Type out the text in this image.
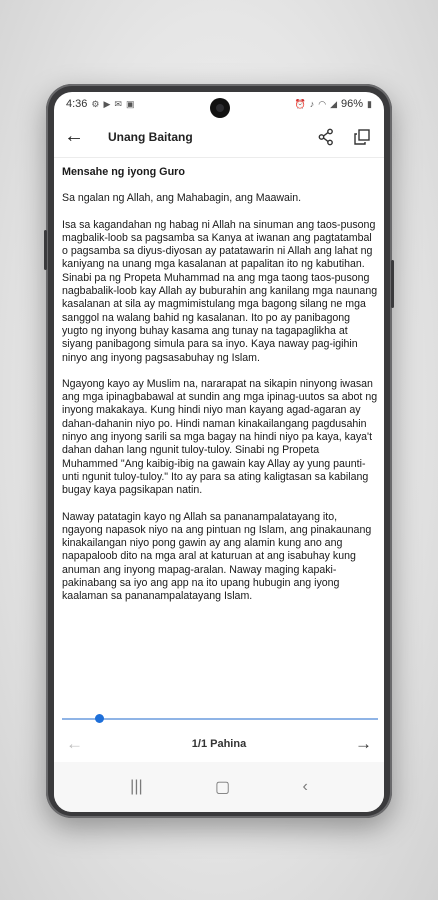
4:36 ⚙ ▶ ✉ ▣	⏰ ♪ ◠ ◢ 96% ▮
←	Unang Baitang
Mensahe ng iyong Guro

Sa ngalan ng Allah, ang Mahabagin, ang Maawain.

Isa sa kagandahan ng habag ni Allah na sinuman ang taos-pusong magbalik-loob sa pagsamba sa Kanya at iwanan ang pagtatambal o pagsamba sa diyus-diyosan ay patatawarin ni Allah ang lahat ng kaniyang na unang mga kasalanan at papalitan ito ng kabutihan. Sinabi pa ng Propeta Muhammad na ang mga taong taos-pusong nagbabalik-loob kay Allah ay buburahin ang kanilang mga naunang kasalanan at sila ay magmimistulang mga bagong silang ne mga sanggol na walang bahid ng kasalanan. Ito po ay panibagong yugto ng inyong buhay kasama ang tunay na tagapaglikha at siyang panibagong simula para sa inyo. Kaya naway pag-igihin ninyo ang inyong pagsasabuhay ng Islam.

Ngayong kayo ay Muslim na, nararapat na sikapin ninyong iwasan ang mga ipinagbabawal at sundin ang mga ipinag-uutos sa abot ng inyong makakaya. Kung hindi niyo man kayang agad-agaran ay dahan-dahanin niyo po. Hindi naman kinakailangang pagdusahin ninyo ang inyong sarili sa mga bagay na hindi niyo pa kaya, kaya't dahan dahan lang ngunit tuloy-tuloy. Sinabi ng Propeta Muhammed "Ang kaibig-ibig na gawain kay Allay ay yung paunti-unti ngunit tuloy-tuloy." Ito ay para sa ating kaligtasan sa kabilang bugay kaya pagsikapan natin.

Naway patatagin kayo ng Allah sa pananampalatayang ito, ngayong napasok niyo na ang pintuan ng Islam, ang pinakaunang kinakailangan niyo pong gawin ay ang alamin kung ano ang napapaloob dito na mga aral at katuruan at ang isabuhay kung anuman ang inyong mapag-aralan. Naway maging kapaki-pakinabang sa iyo ang app na ito upang hubugin ang iyong kaalaman sa pananampalatayang Islam.

←	1/1 Pahina	→
|||	▢	‹
